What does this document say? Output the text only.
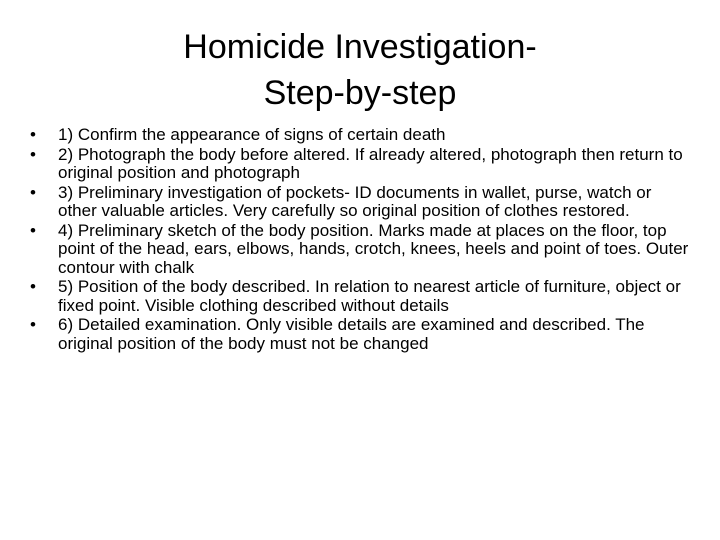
Homicide Investigation-
Step-by-step
•	1) Confirm the appearance of signs of certain death
•	2) Photograph the body before altered. If already altered, photograph then return to original position and photograph
•	3) Preliminary investigation of pockets- ID documents in wallet, purse, watch or other valuable articles. Very carefully so original position of clothes restored.
•	4) Preliminary sketch of the body position. Marks made at places on the floor, top point of the head, ears, elbows, hands, crotch, knees, heels and point of toes. Outer contour with chalk
•	5) Position of the body described. In relation to nearest article of furniture, object or fixed point. Visible clothing described without details
•	6) Detailed examination. Only visible details are examined and described. The original position of the body must not be changed
